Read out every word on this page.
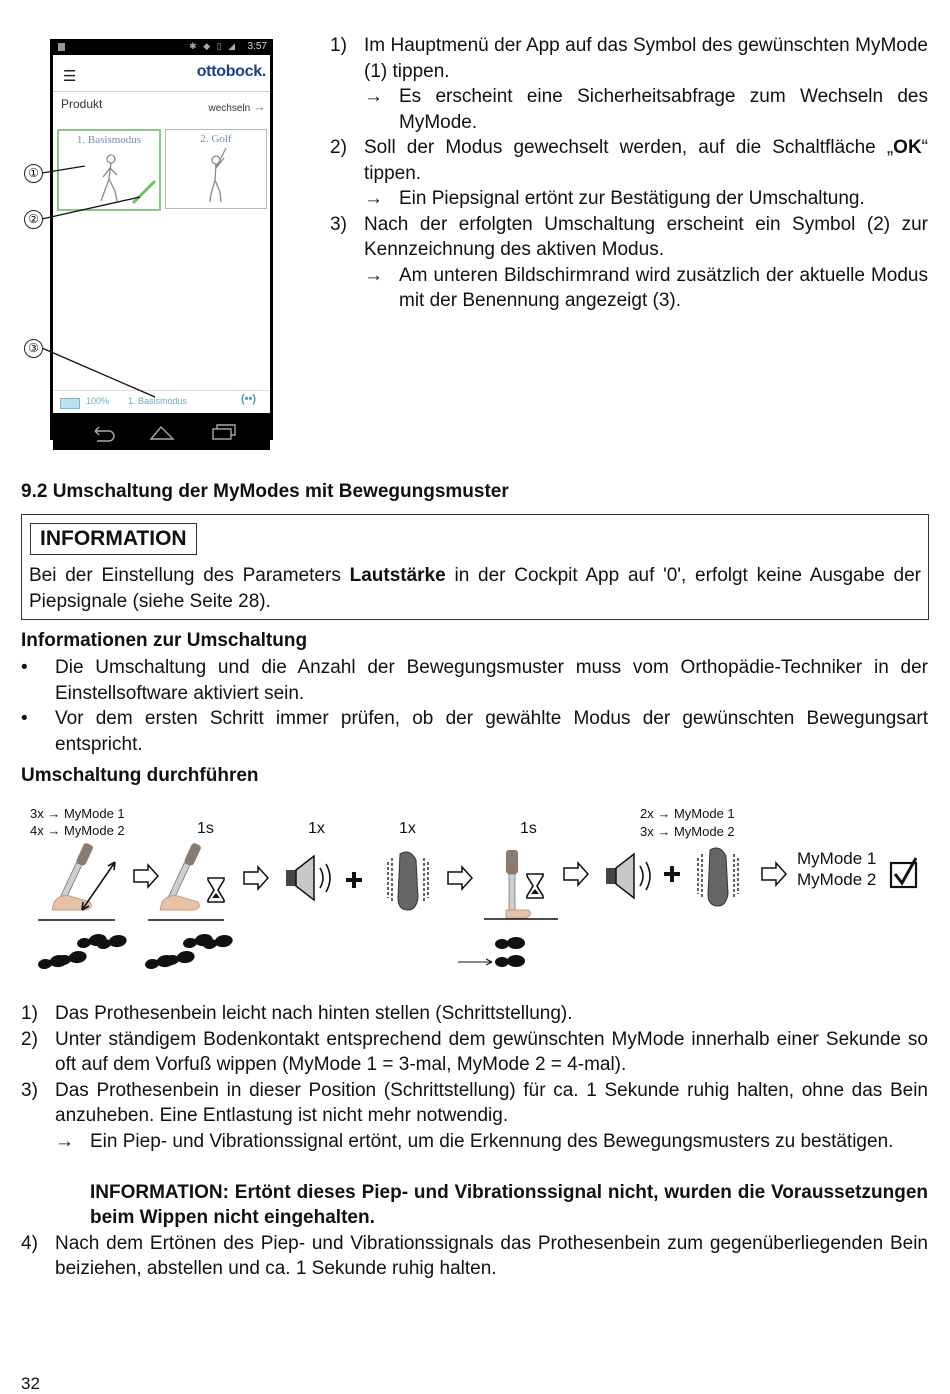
✱ ◆ ▯ ◢ 3:57
☰	ottobock.
Produkt	wechseln →
1. Basismodus	2. Golf
100% 1. Basismodus	(••)
①
②
③
1) Im Hauptmenü der App auf das Symbol des gewünschten MyMode (1) tippen.
→ Es erscheint eine Sicherheitsabfrage zum Wechseln des MyMode.
2) Soll der Modus gewechselt werden, auf die Schaltfläche „OK“ tippen.
→ Ein Piepsignal ertönt zur Bestätigung der Umschaltung.
3) Nach der erfolgten Umschaltung erscheint ein Symbol (2) zur Kennzeichnung des aktiven Modus.
→ Am unteren Bildschirmrand wird zusätzlich der aktuelle Modus mit der Benennung angezeigt (3).
9.2 Umschaltung der MyModes mit Bewegungsmuster
INFORMATION
Bei der Einstellung des Parameters Lautstärke in der Cockpit App auf '0', erfolgt keine Ausgabe der Piepsignale (siehe Seite 28).
Informationen zur Umschaltung
• Die Umschaltung und die Anzahl der Bewegungsmuster muss vom Orthopädie-Techniker in der Einstellsoftware aktiviert sein.
• Vor dem ersten Schritt immer prüfen, ob der gewählte Modus der gewünschten Bewegungsart entspricht.
Umschaltung durchführen
3x → MyMode 1
4x → MyMode 2	1s	1x	1x	1s
2x → MyMode 1
3x → MyMode 2
MyMode 1
MyMode 2
1) Das Prothesenbein leicht nach hinten stellen (Schrittstellung).
2) Unter ständigem Bodenkontakt entsprechend dem gewünschten MyMode innerhalb einer Sekunde so oft auf dem Vorfuß wippen (MyMode 1 = 3-mal, MyMode 2 = 4-mal).
3) Das Prothesenbein in dieser Position (Schrittstellung) für ca. 1 Sekunde ruhig halten, ohne das Bein anzuheben. Eine Entlastung ist nicht mehr notwendig.
→ Ein Piep- und Vibrationssignal ertönt, um die Erkennung des Bewegungsmusters zu bestätigen.
INFORMATION: Ertönt dieses Piep- und Vibrationssignal nicht, wurden die Voraussetzungen beim Wippen nicht eingehalten.
4) Nach dem Ertönen des Piep- und Vibrationssignals das Prothesenbein zum gegenüberliegenden Bein beiziehen, abstellen und ca. 1 Sekunde ruhig halten.
32
